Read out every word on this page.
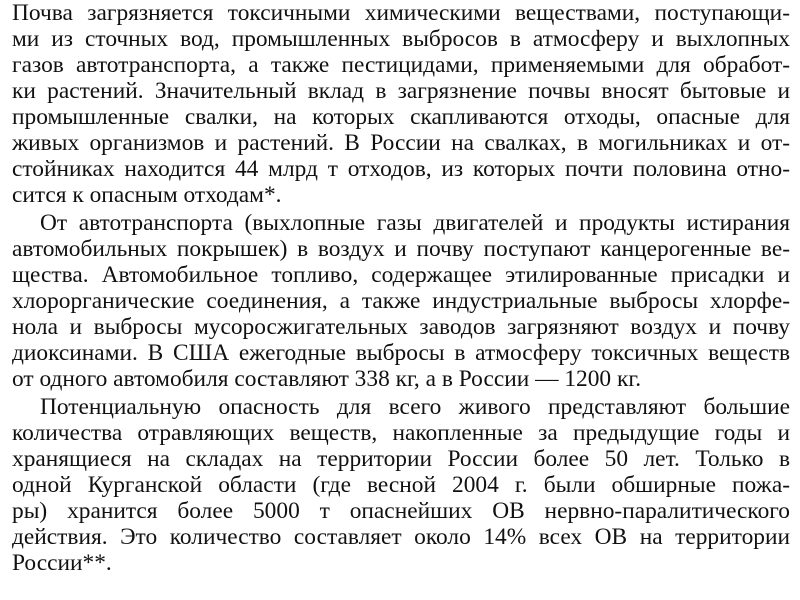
Почва загрязняется токсичными химическими веществами, поступающи-
ми из сточных вод, промышленных выбросов в атмосферу и выхлопных
газов автотранспорта, а также пестицидами, применяемыми для обработ-
ки растений. Значительный вклад в загрязнение почвы вносят бытовые и
промышленные свалки, на которых скапливаются отходы, опасные для
живых организмов и растений. В России на свалках, в могильниках и от-
стойниках находится 44 млрд т отходов, из которых почти половина отно-
сится к опасным отходам*.
От автотранспорта (выхлопные газы двигателей и продукты истирания
автомобильных покрышек) в воздух и почву поступают канцерогенные ве-
щества. Автомобильное топливо, содержащее этилированные присадки и
хлорорганические соединения, а также индустриальные выбросы хлорфе-
нола и выбросы мусоросжигательных заводов загрязняют воздух и почву
диоксинами. В США ежегодные выбросы в атмосферу токсичных веществ
от одного автомобиля составляют 338 кг, а в России — 1200 кг.
Потенциальную опасность для всего живого представляют большие
количества отравляющих веществ, накопленные за предыдущие годы и
хранящиеся на складах на территории России более 50 лет. Только в
одной Курганской области (где весной 2004 г. были обширные пожа-
ры) хранится более 5000 т опаснейших ОВ нервно-паралитического
действия. Это количество составляет около 14% всех ОВ на территории
России**.
